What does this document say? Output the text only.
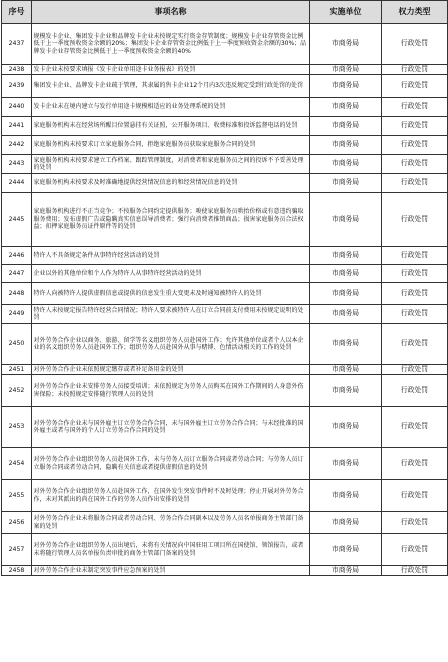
序号	事项名称	实施单位	权力类型
2437	规模发卡企业、集团发卡企业和品牌发卡企业未按规定实行资金存管制度；规模发卡企业存管资金比例低于上一季度预收资金余额的20%；集团发卡企业存管资金比例低于上一季度预收资金余额的30%；品牌发卡企业存管资金比例低于上一季度预收资金余额的40%	市商务局	行政处罚
2438	发卡企业未按要求填报《发卡企业单用途卡业务报表》的处罚	市商务局	行政处罚
2439	集团发卡企业、品牌发卡企业疏于管理，其隶属的售卡企业12个月内3次违反规定受到行政处罚的处罚	市商务局	行政处罚
2440	发卡企业未在境内建立与发行单用途卡规模相适应的业务处理系统的处罚	市商务局	行政处罚
2441	家庭服务机构未在经营场所醒目位置悬挂有关证照，公开服务项目、收费标准和投诉监督电话的处罚	市商务局	行政处罚
2442	家庭服务机构未按要求订立家庭服务合同，拒绝家庭服务员获取家庭服务合同的处罚	市商务局	行政处罚
2443	家庭服务机构未按要求建立工作档案、跟踪管理制度，对消费者和家庭服务员之间的投诉不予妥善处理的处罚	市商务局	行政处罚
2444	家庭服务机构未按要求及时准确地提供经营情况信息的和经营情况信息的处罚	市商务局	行政处罚
2445	家庭服务机构进行不正当竞争；不按服务合同约定提供服务；唆使家庭服务员哄抬价格或有意违约骗取服务费用；发布虚假广告或隐瞒真实信息误导消费者；强行向消费者推销商品；损害家庭服务员合法权益；扣押家庭服务员证件原件等的处罚	市商务局	行政处罚
2446	特许人不具备规定条件从事特许经营活动的处罚	市商务局	行政处罚
2447	企业以外的其他单位和个人作为特许人从事特许经营活动的处罚	市商务局	行政处罚
2448	特许人向被特许人提供虚假信息或提供的信息发生重大变更未及时通知被特许人的处罚	市商务局	行政处罚
2449	特许人未按规定报告特许经营合同情况；特许人要求被特许人在订立合同前支付费用未按规定说明的处罚	市商务局	行政处罚
2450	对外劳务合作企业以商务、旅游、留学等名义组织劳务人员赴国外工作；允许其他单位或者个人以本企业的名义组织劳务人员赴国外工作；组织劳务人员赴国外从事与赌博、色情活动相关的工作的处罚	市商务局	行政处罚
2451	对外劳务合作企业未依照规定缴存或者补足备用金的处罚	市商务局	行政处罚
2452	对外劳务合作企业未安排劳务人员接受培训；未依照规定为劳务人员购买在国外工作期间的人身意外伤害保险；未按照规定安排随行管理人员的处罚	市商务局	行政处罚
2453	对外劳务合作企业未与国外雇主订立劳务合作合同，未与国外雇主订立劳务合作合同；与未经批准的国外雇主或者与国外的个人订立劳务合作合同的处罚	市商务局	行政处罚
2454	对外劳务合作企业组织劳务人员赴国外工作，未与劳务人员订立服务合同或者劳动合同；与劳务人员订立服务合同或者劳动合同，隐瞒有关信息或者提供虚假信息的处罚	市商务局	行政处罚
2455	对外劳务合作企业组织劳务人员赴国外工作，在国外发生突发事件时不及时处理；停止开展对外劳务合作，未对其派出的尚在国外工作的劳务人员作出安排的处罚	市商务局	行政处罚
2456	对外劳务合作企业未将服务合同或者劳动合同、劳务合作合同副本以及劳务人员名单报商务主管部门备案的处罚	市商务局	行政处罚
2457	对外劳务合作企业组织劳务人员出境后，未将有关情况向中国驻用工项目所在国使馆、领馆报告，或者未将随行管理人员名单报负责审批的商务主管部门备案的处罚	市商务局	行政处罚
2458	对外劳务合作企业未制定突发事件应急预案的处罚	市商务局	行政处罚
